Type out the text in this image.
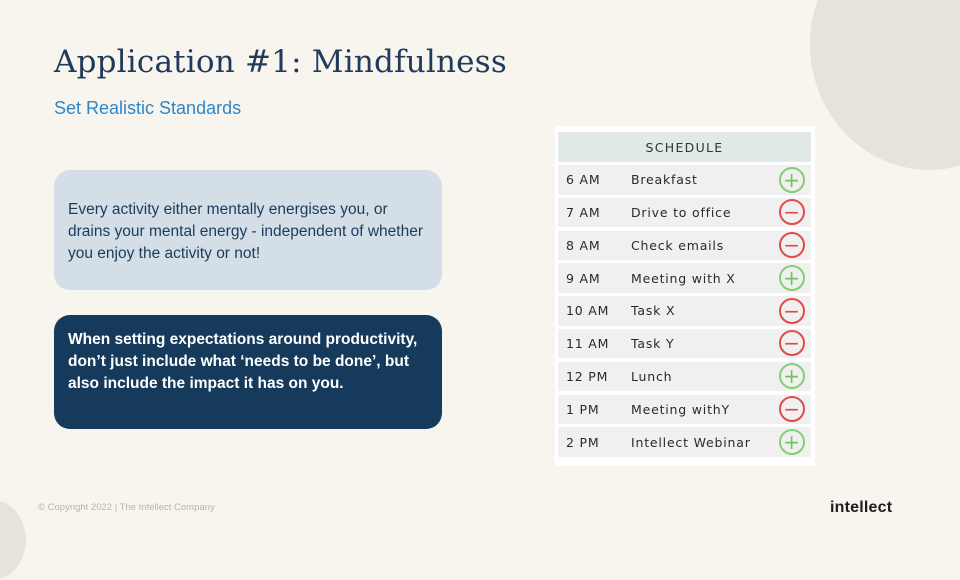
Application #1: Mindfulness
Set Realistic Standards
Every activity either mentally energises you, or drains your mental energy - independent of whether you enjoy the activity or not!
When setting expectations around productivity, don’t just include what ‘needs to be done’, but also include the impact it has on you.
SCHEDULE
6 AM Breakfast	+
7 AM Drive to office	−
8 AM Check emails	−
9 AM Meeting with X +
10 AM Task X	−
11 AM Task Y	−
12 PM Lunch	+
1 PM	Meeting withY	−
2 PM	Intellect Webinar +
© Copyright 2022 | The Intellect Company	intellect
